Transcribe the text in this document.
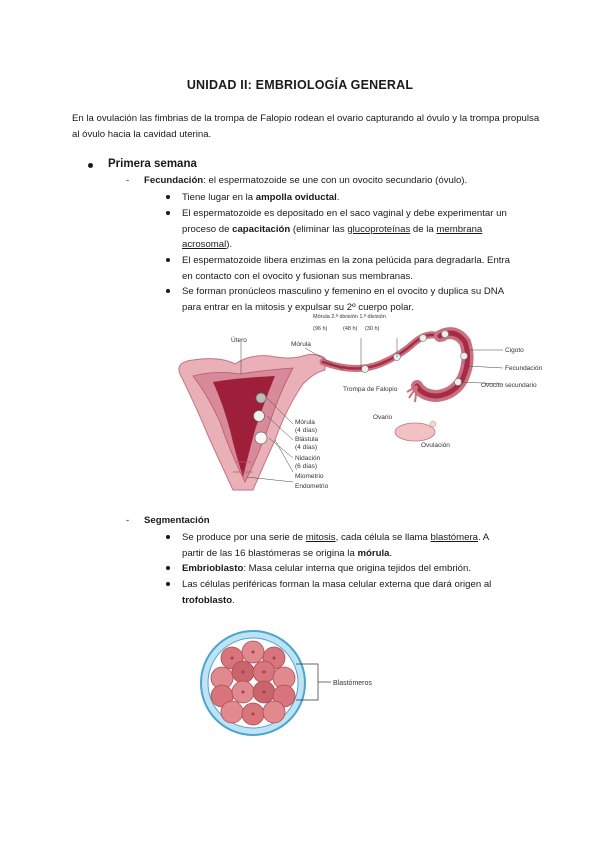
UNIDAD II: EMBRIOLOGÍA GENERAL
En la ovulación las fimbrias de la trompa de Falopio rodean el ovario capturando al óvulo y la trompa propulsa al óvulo hacia la cavidad uterina.
Primera semana
- Fecundación: el espermatozoide se une con un ovocito secundario (óvulo).
Tiene lugar en la ampolla oviductal.
El espermatozoide es depositado en el saco vaginal y debe experimentar un
proceso de capacitación (eliminar las glucoproteínas de la membrana
acrosomal).
El espermatozoide libera enzimas en la zona pelúcida para degradarla. Entra en contacto con el ovocito y fusionan sus membranas.
Se forman pronúcleos masculino y femenino en el ovocito y duplica su DNA para entrar en la mitosis y expulsar su 2º cuerpo polar.
Útero
Mórula
Mórula 2.ª división 1.ª división
(96 h)	(48 h) (30 h)
Cigoto
Fecundación
Ovocito secundario
Trompa de Falopio
Ovario
Ovulación
Mórula
(4 días)
Blástula
(4 días)
Nidación
(6 días)
Miometrio
Endometrio
- Segmentación
Se produce por una serie de mitosis, cada célula se llama blastómera. A
partir de las 16 blastómeras se origina la mórula.
Embrioblasto: Masa celular interna que origina tejidos del embrión.
Las células periféricas forman la masa celular externa que dará origen al
trofoblasto.
Blastómeros
